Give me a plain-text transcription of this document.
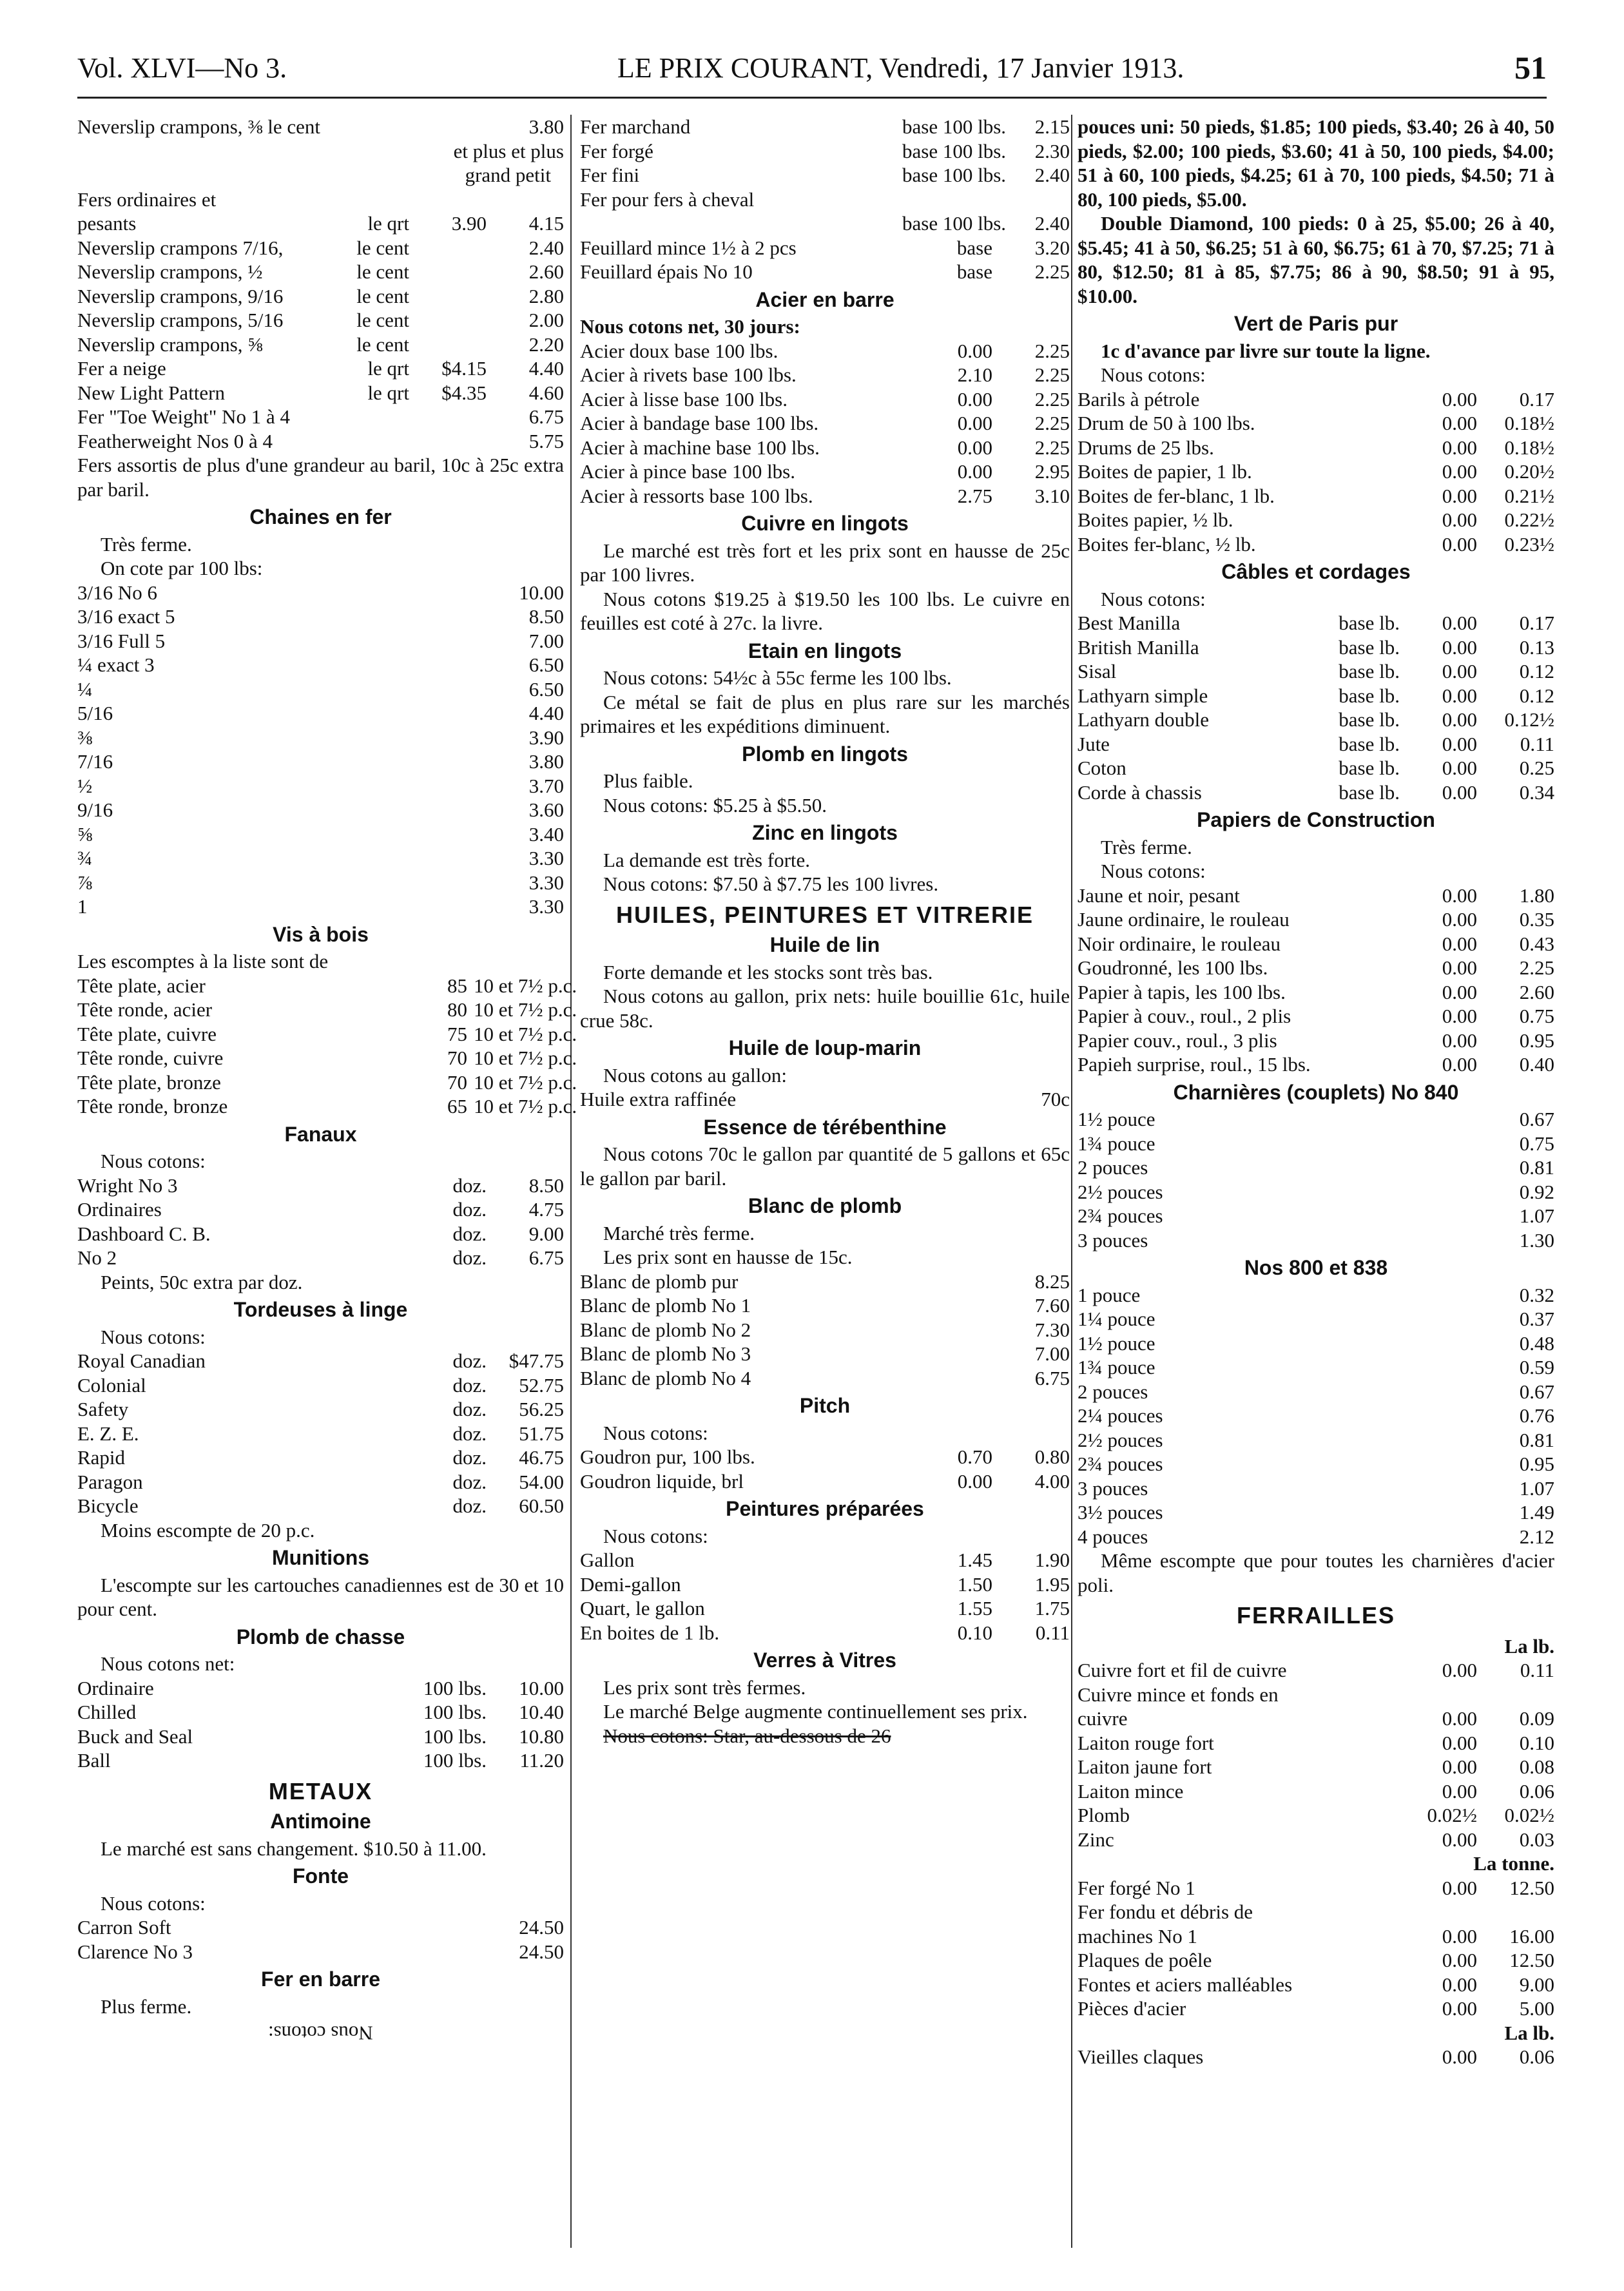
Vol. XLVI—No 3.	LE PRIX COURANT, Vendredi, 17 Janvier 1913.	51
Neverslip crampons, ⅜ le cent	3.80
et plus et plus
grand petit
Fers ordinaires et
pesants	le qrt	3.90	4.15
Neverslip crampons 7/16,	le cent	2.40
Neverslip crampons, ½	le cent	2.60
Neverslip crampons, 9/16	le cent	2.80
Neverslip crampons, 5/16	le cent	2.00
Neverslip crampons, ⅝	le cent	2.20
Fer a neige	le qrt	$4.15	4.40
New Light Pattern	le qrt	$4.35	4.60
Fer "Toe Weight" No 1 à 4	6.75
Featherweight Nos 0 à 4	5.75
Fers assortis de plus d'une grandeur au baril, 10c à 25c extra par baril.
Chaines en fer
Très ferme.
On cote par 100 lbs:
3/16 No 6	10.00
3/16 exact 5	8.50
3/16 Full 5	7.00
¼ exact 3	6.50
¼	6.50
5/16	4.40
⅜	3.90
7/16	3.80
½	3.70
9/16	3.60
⅝	3.40
¾	3.30
⅞	3.30
1	3.30
Vis à bois
Les escomptes à la liste sont de
Tête plate, acier	85 10 et 7½ p.c.
Tête ronde, acier	80 10 et 7½ p.c.
Tête plate, cuivre	75 10 et 7½ p.c.
Tête ronde, cuivre	70 10 et 7½ p.c.
Tête plate, bronze	70 10 et 7½ p.c.
Tête ronde, bronze	65 10 et 7½ p.c.
Fanaux
Nous cotons:
Wright No 3	doz.	8.50
Ordinaires	doz.	4.75
Dashboard C. B.	doz.	9.00
No 2	doz.	6.75
Peints, 50c extra par doz.
Tordeuses à linge
Nous cotons:
Royal Canadian	doz.	$47.75
Colonial	doz.	52.75
Safety	doz.	56.25
E. Z. E.	doz.	51.75
Rapid	doz.	46.75
Paragon	doz.	54.00
Bicycle	doz.	60.50
Moins escompte de 20 p.c.
Munitions
L'escompte sur les cartouches canadiennes est de 30 et 10 pour cent.
Plomb de chasse
Nous cotons net:
Ordinaire	100 lbs.	10.00
Chilled	100 lbs.	10.40
Buck and Seal	100 lbs.	10.80
Ball	100 lbs.	11.20
METAUX
Antimoine
Le marché est sans changement. $10.50 à 11.00.
Fonte
Nous cotons:
Carron Soft	24.50
Clarence No 3	24.50
Fer en barre
Plus ferme.
Nous cotons:
Fer marchand	base 100 lbs.	2.15
Fer forgé	base 100 lbs.	2.30
Fer fini	base 100 lbs.	2.40
Fer pour fers à cheval
base 100 lbs.	2.40
Feuillard mince 1½ à 2 pcs	base	3.20
Feuillard épais No 10	base	2.25
Acier en barre
Nous cotons net, 30 jours:
Acier doux base 100 lbs.	0.00	2.25
Acier à rivets base 100 lbs.	2.10	2.25
Acier à lisse base 100 lbs.	0.00	2.25
Acier à bandage base 100 lbs.	0.00	2.25
Acier à machine base 100 lbs.	0.00	2.25
Acier à pince base 100 lbs.	0.00	2.95
Acier à ressorts base 100 lbs.	2.75	3.10
Cuivre en lingots
Le marché est très fort et les prix sont en hausse de 25c par 100 livres.
Nous cotons $19.25 à $19.50 les 100 lbs. Le cuivre en feuilles est coté à 27c. la livre.
Etain en lingots
Nous cotons: 54½c à 55c ferme les 100 lbs.
Ce métal se fait de plus en plus rare sur les marchés primaires et les expéditions diminuent.
Plomb en lingots
Plus faible.
Nous cotons: $5.25 à $5.50.
Zinc en lingots
La demande est très forte.
Nous cotons: $7.50 à $7.75 les 100 livres.
HUILES, PEINTURES ET VITRERIE
Huile de lin
Forte demande et les stocks sont très bas.
Nous cotons au gallon, prix nets: huile bouillie 61c, huile crue 58c.
Huile de loup-marin
Nous cotons au gallon:
Huile extra raffinée	70c
Essence de térébenthine
Nous cotons 70c le gallon par quantité de 5 gallons et 65c le gallon par baril.
Blanc de plomb
Marché très ferme.
Les prix sont en hausse de 15c.
Blanc de plomb pur	8.25
Blanc de plomb No 1	7.60
Blanc de plomb No 2	7.30
Blanc de plomb No 3	7.00
Blanc de plomb No 4	6.75
Pitch
Nous cotons:
Goudron pur, 100 lbs.	0.70	0.80
Goudron liquide, brl	0.00	4.00
Peintures préparées
Nous cotons:
Gallon	1.45	1.90
Demi-gallon	1.50	1.95
Quart, le gallon	1.55	1.75
En boites de 1 lb.	0.10	0.11
Verres à Vitres
Les prix sont très fermes.
Le marché Belge augmente continuellement ses prix.
Nous cotons: Star, au-dessous de 26
pouces uni: 50 pieds, $1.85; 100 pieds, $3.40; 26 à 40, 50 pieds, $2.00; 100 pieds, $3.60; 41 à 50, 100 pieds, $4.00; 51 à 60, 100 pieds, $4.25; 61 à 70, 100 pieds, $4.50; 71 à 80, 100 pieds, $5.00.
Double Diamond, 100 pieds: 0 à 25, $5.00; 26 à 40, $5.45; 41 à 50, $6.25; 51 à 60, $6.75; 61 à 70, $7.25; 71 à 80, $12.50; 81 à 85, $7.75; 86 à 90, $8.50; 91 à 95, $10.00.
Vert de Paris pur
1c d'avance par livre sur toute la ligne.
Nous cotons:
Barils à pétrole	0.00	0.17
Drum de 50 à 100 lbs.	0.00	0.18½
Drums de 25 lbs.	0.00	0.18½
Boites de papier, 1 lb.	0.00	0.20½
Boites de fer-blanc, 1 lb.	0.00	0.21½
Boites papier, ½ lb.	0.00	0.22½
Boites fer-blanc, ½ lb.	0.00	0.23½
Câbles et cordages
Nous cotons:
Best Manilla	base lb.	0.00	0.17
British Manilla	base lb.	0.00	0.13
Sisal	base lb.	0.00	0.12
Lathyarn simple	base lb.	0.00	0.12
Lathyarn double	base lb.	0.00	0.12½
Jute	base lb.	0.00	0.11
Coton	base lb.	0.00	0.25
Corde à chassis	base lb.	0.00	0.34
Papiers de Construction
Très ferme.
Nous cotons:
Jaune et noir, pesant	0.00	1.80
Jaune ordinaire, le rouleau	0.00	0.35
Noir ordinaire, le rouleau	0.00	0.43
Goudronné, les 100 lbs.	0.00	2.25
Papier à tapis, les 100 lbs.	0.00	2.60
Papier à couv., roul., 2 plis	0.00	0.75
Papier couv., roul., 3 plis	0.00	0.95
Papieh surprise, roul., 15 lbs.	0.00	0.40
Charnières (couplets) No 840
1½ pouce	0.67
1¾ pouce	0.75
2 pouces	0.81
2½ pouces	0.92
2¾ pouces	1.07
3 pouces	1.30
Nos 800 et 838
1 pouce	0.32
1¼ pouce	0.37
1½ pouce	0.48
1¾ pouce	0.59
2 pouces	0.67
2¼ pouces	0.76
2½ pouces	0.81
2¾ pouces	0.95
3 pouces	1.07
3½ pouces	1.49
4 pouces	2.12
Même escompte que pour toutes les charnières d'acier poli.
FERRAILLES
La lb.
Cuivre fort et fil de cuivre	0.00	0.11
Cuivre mince et fonds en
cuivre	0.00	0.09
Laiton rouge fort	0.00	0.10
Laiton jaune fort	0.00	0.08
Laiton mince	0.00	0.06
Plomb	0.02½	0.02½
Zinc	0.00	0.03
La tonne.
Fer forgé No 1	0.00	12.50
Fer fondu et débris de
machines No 1	0.00	16.00
Plaques de poêle	0.00	12.50
Fontes et aciers malléables	0.00	9.00
Pièces d'acier	0.00	5.00
La lb.
Vieilles claques	0.00	0.06
